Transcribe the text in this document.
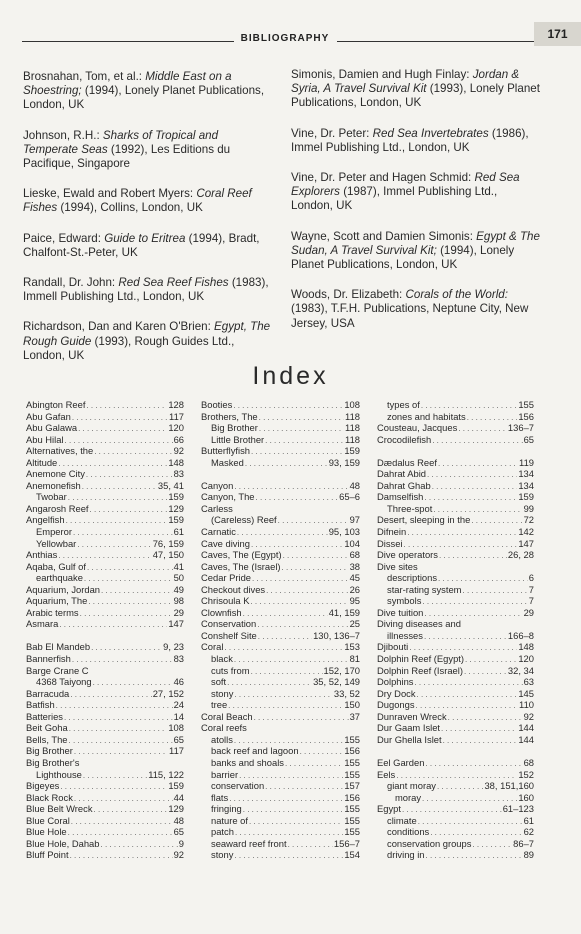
BIBLIOGRAPHY	171

Brosnahan, Tom, et al.: Middle East on a Shoestring; (1994), Lonely Planet Publications, London, UK

Johnson, R.H.: Sharks of Tropical and Temperate Seas (1992), Les Editions du Pacifique, Singapore

Lieske, Ewald and Robert Myers: Coral Reef Fishes (1994), Collins, London, UK

Paice, Edward: Guide to Eritrea (1994), Bradt, Chalfont-St.-Peter, UK

Randall, Dr. John: Red Sea Reef Fishes (1983), Immell Publishing Ltd., London, UK

Richardson, Dan and Karen O'Brien: Egypt, The Rough Guide (1993), Rough Guides Ltd., London, UK

Simonis, Damien and Hugh Finlay: Jordan & Syria, A Travel Survival Kit (1993), Lonely Planet Publications, London, UK

Vine, Dr. Peter: Red Sea Invertebrates (1986), Immel Publishing Ltd., London, UK

Vine, Dr. Peter and Hagen Schmid: Red Sea Explorers (1987), Immel Publishing Ltd., London, UK

Wayne, Scott and Damien Simonis: Egypt & The Sudan, A Travel Survival Kit; (1994), Lonely Planet Publications, London, UK

Woods, Dr. Elizabeth: Corals of the World: (1983), T.F.H. Publications, Neptune City, New Jersey, USA

Index
Abington Reef . . .	128
Abu Gafan . . .	117
Abu Galawa . . .	120
Abu Hilal . . .	66
Alternatives, the . . .	92
Altitude . . .	148
Anemone City . . .	83
Anemonefish . . .	35, 41
Twobar . . .	159
Angarosh Reef . . .	129
Angelfish . . .	159
Emperor . . .	61
Yellowbar . . .	76, 159
Anthias . . .	47, 150
Aqaba, Gulf of . . .	41
earthquake . . .	50
Aquarium, Jordan . . .	49
Aquarium, The . . .	98
Arabic terms . . .	29
Asmara . . .	147
Bab El Mandeb . . .	9, 23
Bannerfish . . .	83
Barge Crane C
4368 Taiyong . . .	46
Barracuda . . .	27, 152
Batfish . . .	24
Batteries . . .	14
Beit Goha . . .	108
Bells, The . . .	65
Big Brother . . .	117
Big Brother's
Lighthouse . . .	115, 122
Bigeyes . . .	159
Black Rock . . .	44
Blue Belt Wreck . . .	129
Blue Coral . . .	48
Blue Hole . . .	65
Blue Hole, Dahab . . .	9
Bluff Point . . .	92
Booties . . .	108
Brothers, The . . .	118
Big Brother . . .	118
Little Brother . . .	118
Butterflyfish . . .	159
Masked . . .	93, 159
Canyon . . .	48
Canyon, The . . .	65–6
Carless
(Careless) Reef . . .	97
Carnatic . . .	95, 103
Cave diving . . .	104
Caves, The (Egypt) . . .	68
Caves, The (Israel) . . .	38
Cedar Pride . . .	45
Checkout dives . . .	26
Chrisoula K . . .	95
Clownfish . . .	41, 159
Conservation . . .	25
Conshelf Site . . .	130, 136–7
Coral . . .	153
black . . .	81
cuts from . . .	152, 170
soft . . .	35, 52, 149
stony . . .	33, 52
tree . . .	150
Coral Beach . . .	37
Coral reefs
atolls . . .	155
back reef and lagoon . . .	156
banks and shoals . . .	155
barrier . . .	155
conservation . . .	157
flats . . .	156
fringing . . .	155
nature of . . .	155
patch . . .	155
seaward reef front . . .	156–7
stony . . .	154
types of . . .	155
zones and habitats . . .	156
Cousteau, Jacques . . .	136–7
Crocodilefish . . .	65
Dædalus Reef . . .	119
Dahrat Abid . . .	134
Dahrat Ghab . . .	134
Damselfish . . .	159
Three-spot . . .	99
Desert, sleeping in the . . .	72
Difnein . . .	142
Dissei . . .	147
Dive operators . . .	26, 28
Dive sites
descriptions . . .	6
star-rating system . . .	7
symbols . . .	7
Dive tuition . . .	29
Diving diseases and
illnesses . . .	166–8
Djibouti . . .	148
Dolphin Reef (Egypt) . . .	120
Dolphin Reef (Israel) . . .	32, 34
Dolphins . . .	63
Dry Dock . . .	145
Dugongs . . .	110
Dunraven Wreck . . .	92
Dur Gaam Islet . . .	144
Dur Ghella Islet . . .	144
Eel Garden . . .	68
Eels . . .	152
giant moray . . .	38, 151,160
moray . . .	160
Egypt . . .	61–123
climate . . .	61
conditions . . .	62
conservation groups . . .	86–7
driving in . . .	89
